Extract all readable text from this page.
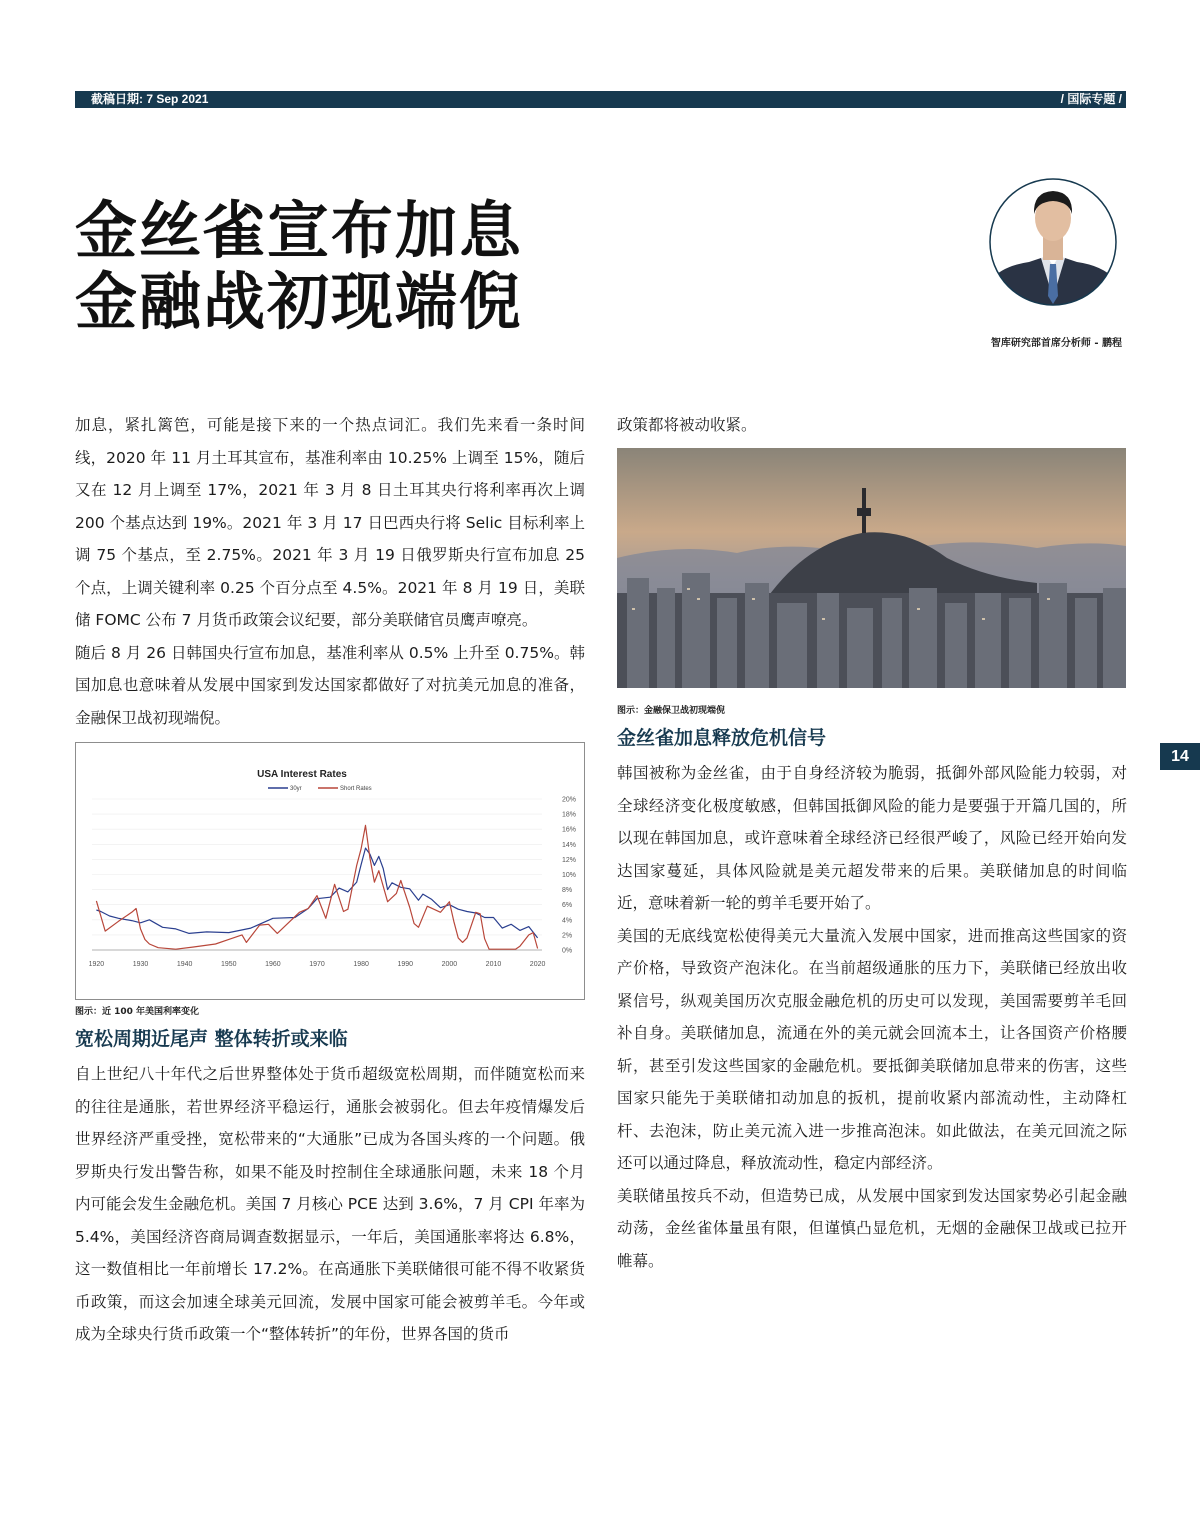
截稿日期: 7 Sep 2021	/ 国际专题 /
金丝雀宣布加息
金融战初现端倪
智库研究部首席分析师 - 鹏程

加息，紧扎篱笆，可能是接下来的一个热点词汇。我们先来看一条时间线，2020 年 11 月土耳其宣布，基准利率由 10.25% 上调至 15%，随后又在 12 月上调至 17%，2021 年 3 月 8 日土耳其央行将利率再次上调 200 个基点达到 19%。2021 年 3 月 17 日巴西央行将 Selic 目标利率上调 75 个基点，至 2.75%。2021 年 3 月 19 日俄罗斯央行宣布加息 25 个点，上调关键利率 0.25 个百分点至 4.5%。2021 年 8 月 19 日，美联储 FOMC 公布 7 月货币政策会议纪要，部分美联储官员鹰声嘹亮。

随后 8 月 26 日韩国央行宣布加息，基准利率从 0.5% 上升至 0.75%。韩国加息也意味着从发展中国家到发达国家都做好了对抗美元加息的准备，金融保卫战初现端倪。

USA Interest Rates
30yr	Short Rates
0%
2%
4%
6%
8%
10%
12%
14%
16%
18%
20%
1920	1930	1940	1950	1960	1970	1980	1990	2000	2010	2020
图示：近 100 年美国利率变化
宽松周期近尾声 整体转折或来临

自上世纪八十年代之后世界整体处于货币超级宽松周期，而伴随宽松而来的往往是通胀，若世界经济平稳运行，通胀会被弱化。但去年疫情爆发后世界经济严重受挫，宽松带来的“大通胀”已成为各国头疼的一个问题。俄罗斯央行发出警告称，如果不能及时控制住全球通胀问题，未来 18 个月内可能会发生金融危机。美国 7 月核心 PCE 达到 3.6%，7 月 CPI 年率为 5.4%，美国经济咨商局调查数据显示，一年后，美国通胀率将达 6.8%，这一数值相比一年前增长 17.2%。在高通胀下美联储很可能不得不收紧货币政策，而这会加速全球美元回流，发展中国家可能会被剪羊毛。今年或成为全球央行货币政策一个“整体转折”的年份，世界各国的货币

政策都将被动收紧。

图示：金融保卫战初现端倪
金丝雀加息释放危机信号

韩国被称为金丝雀，由于自身经济较为脆弱，抵御外部风险能力较弱，对全球经济变化极度敏感，但韩国抵御风险的能力是要强于开篇几国的，所以现在韩国加息，或许意味着全球经济已经很严峻了，风险已经开始向发达国家蔓延，具体风险就是美元超发带来的后果。美联储加息的时间临近，意味着新一轮的剪羊毛要开始了。

美国的无底线宽松使得美元大量流入发展中国家，进而推高这些国家的资产价格，导致资产泡沫化。在当前超级通胀的压力下，美联储已经放出收紧信号，纵观美国历次克服金融危机的历史可以发现，美国需要剪羊毛回补自身。美联储加息，流通在外的美元就会回流本土，让各国资产价格腰斩，甚至引发这些国家的金融危机。要抵御美联储加息带来的伤害，这些国家只能先于美联储扣动加息的扳机，提前收紧内部流动性，主动降杠杆、去泡沫，防止美元流入进一步推高泡沫。如此做法，在美元回流之际还可以通过降息，释放流动性，稳定内部经济。

美联储虽按兵不动，但造势已成，从发展中国家到发达国家势必引起金融动荡，金丝雀体量虽有限，但谨慎凸显危机，无烟的金融保卫战或已拉开帷幕。

14
